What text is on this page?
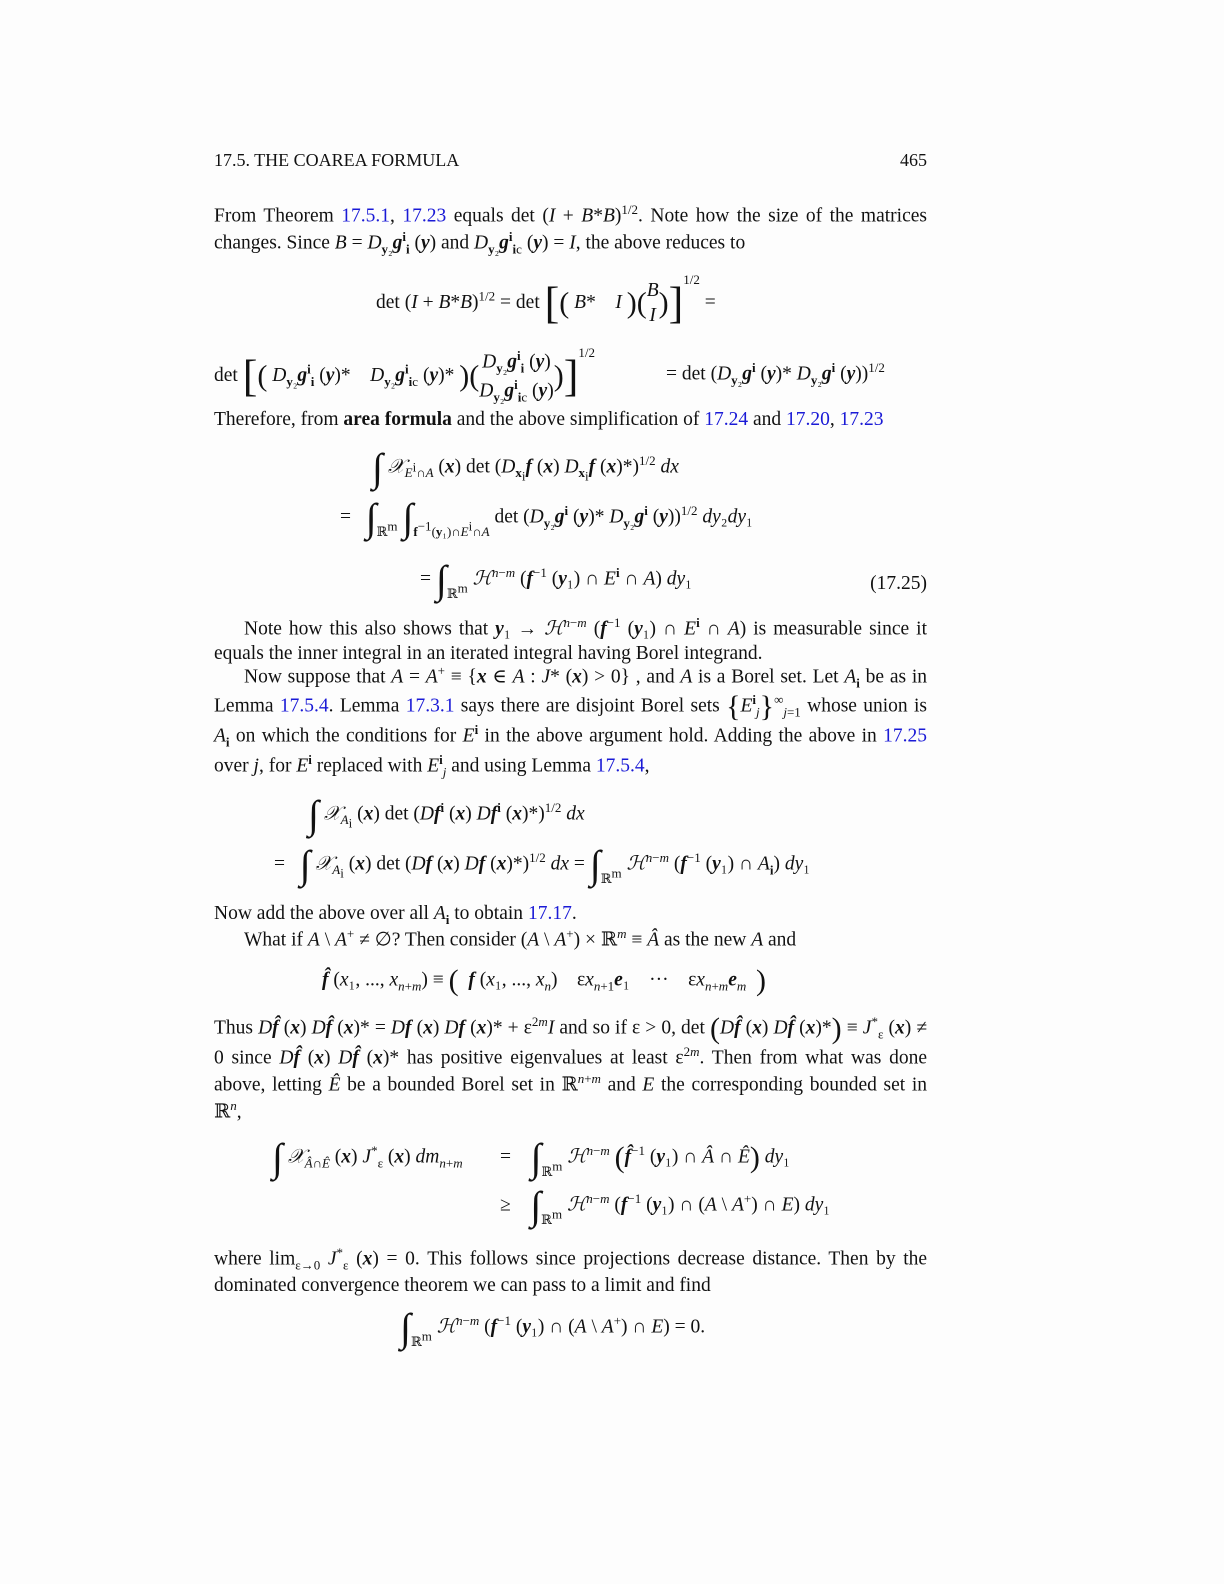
17.5. THE COAREA FORMULA	465
From Theorem 17.5.1, 17.23 equals $\det (I + B*B)^{1/2}$. Note how the size of the matrices changes. Since $B = D_{y_2}g^i_i$ (y) and $D_{y_2}g^i_{ic}$ (y) = I, the above reduces to
$\det (I + B*B)^{1/2} = \det$ [( B*    I )(B
I)]$^{1/2}$ =
det [( $D_{y_2}g^i_i$ (y)*    $D_{y_2}g^i_{ic}$ (y)* )( $D_{y_2}g^i_i$ (y)
$D_{y_2}g^i_{ic}$ (y))]$^{1/2}$
= $\det (D_{y_2}g^i$ (y)* $D_{y_2}g^i$ (y))$^{1/2}$
Therefore, from area formula and the above simplification of 17.24 and 17.20, 17.23
∫ 𝒳$_{E^i\cap A}$ (x) $\det (D_{x_i}f$ (x) $D_{x_i}f$ (x)*)$^{1/2}$ dx
=   $\int_{ℝ^m}$ $\int_{f^{-1}(y_1)\cap E^i\cap A}$ $\det (D_{y_2}g^i$ (y)* $D_{y_2}g^i$ (y))$^{1/2}$ dy₂dy₁
= $\int_{ℝ^m}$ ℋ$^{n-m}$ ($f^{-1}$ (y₁) ∩ $E^i$ ∩ A) dy₁	(17.25)
Note how this also shows that y₁ → ℋ$^{n-m}$ ($f^{-1}$ (y₁) ∩ $E^i$ ∩ A) is measurable since it equals the inner integral in an iterated integral having Borel integrand.
Now suppose that A = A+ ≡ {x ∈ A : J* (x) > 0} , and A is a Borel set. Let $A_i$ be as in Lemma 17.5.4. Lemma 17.3.1 says there are disjoint Borel sets $\{E^i_j\}^\infty_{j=1}$ whose union is $A_i$ on which the conditions for $E^i$ in the above argument hold. Adding the above in 17.25 over j, for $E^i$ replaced with $E^i_j$ and using Lemma 17.5.4,
∫ 𝒳$_{A_i}$ (x) det (Df$^i$ (x) Df$^i$ (x)*)$^{1/2}$ dx
=   ∫ 𝒳$_{A_i}$ (x) det (Df (x) Df (x)*)$^{1/2}$ dx = $\int_{ℝ^m}$ ℋ$^{n-m}$ ($f^{-1}$ (y₁) ∩ $A_i$) dy₁
Now add the above over all $A_i$ to obtain 17.17.
What if A \ A+ ≠ ∅? Then consider (A \ A+) × ℝ$^m$ ≡ Â as the new A and
f̂ (x₁, ..., $x_{n+m}$) ≡ ( f (x₁, ..., $x_n$)    $\varepsilon x_{n+1}e_1$    ···    $\varepsilon x_{n+m}e_m$ )
Thus Df̂ (x) Df̂ (x)* = Df (x) Df $(x)* + \varepsilon^{2m}I$ and so if ε > 0, det (Df̂ (x) Df̂ $(x)*) \equiv J^*_\varepsilon$ (x) ≠ 0 since Df̂ (x) Df̂ (x)* has positive eigenvalues at least $\varepsilon^{2m}$. Then from what was done above, letting Ê be a bounded Borel set in ℝ$^{n+m}$ and E the corresponding bounded set in ℝ$^n$,
∫ 𝒳$_{Â\cap Ê}$ (x) $J^*_\varepsilon$ (x) $dm_{n+m}$ =    $\int_{ℝ^m}$ ℋ$^{n-m}$ (f̂$^{-1}$ (y₁) ∩ Â ∩ Ê) dy₁
≥    $\int_{ℝ^m}$ ℋ$^{n-m}$ ($f^{-1}$ (y₁) ∩ (A \ A+) ∩ E) dy₁
where $\lim_{\varepsilon\to 0} J^*_\varepsilon$ (x) = 0. This follows since projections decrease distance. Then by the dominated convergence theorem we can pass to a limit and find
$\int_{ℝ^m}$ ℋ$^{n-m}$ ($f^{-1}$ (y₁) ∩ (A \ A+) ∩ E) = 0.
